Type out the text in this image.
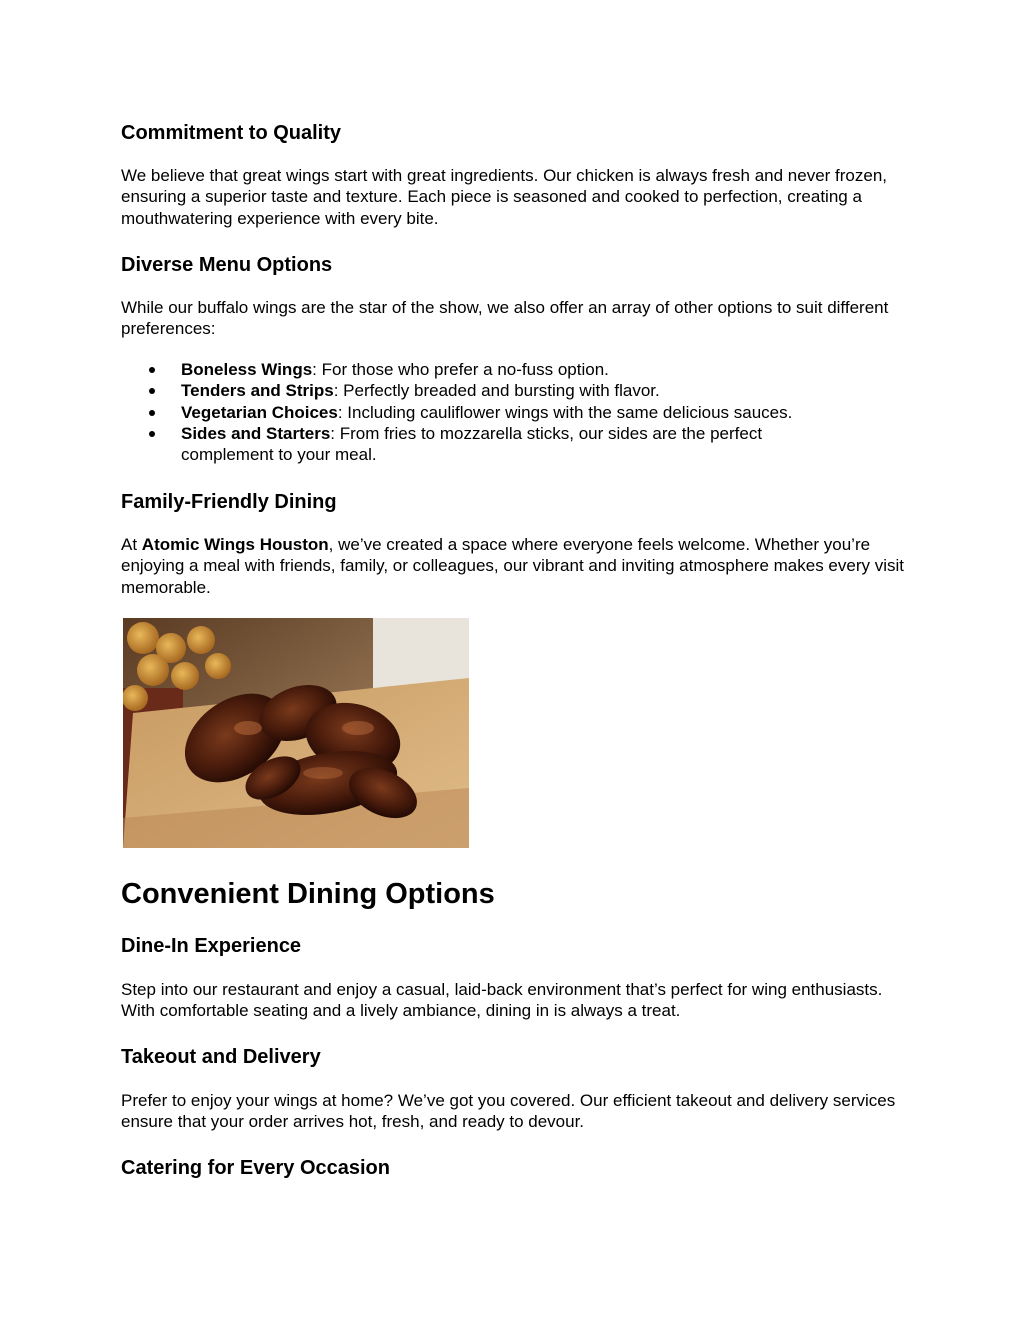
Commitment to Quality

We believe that great wings start with great ingredients. Our chicken is always fresh and never frozen, ensuring a superior taste and texture. Each piece is seasoned and cooked to perfection, creating a mouthwatering experience with every bite.

Diverse Menu Options

While our buffalo wings are the star of the show, we also offer an array of other options to suit different preferences:

Boneless Wings: For those who prefer a no-fuss option.
Tenders and Strips: Perfectly breaded and bursting with flavor.
Vegetarian Choices: Including cauliflower wings with the same delicious sauces.
Sides and Starters: From fries to mozzarella sticks, our sides are the perfect complement to your meal.
Family-Friendly Dining

At Atomic Wings Houston, we’ve created a space where everyone feels welcome. Whether you’re enjoying a meal with friends, family, or colleagues, our vibrant and inviting atmosphere makes every visit memorable.

Convenient Dining Options
Dine-In Experience

Step into our restaurant and enjoy a casual, laid-back environment that’s perfect for wing enthusiasts. With comfortable seating and a lively ambiance, dining in is always a treat.

Takeout and Delivery

Prefer to enjoy your wings at home? We’ve got you covered. Our efficient takeout and delivery services ensure that your order arrives hot, fresh, and ready to devour.

Catering for Every Occasion
